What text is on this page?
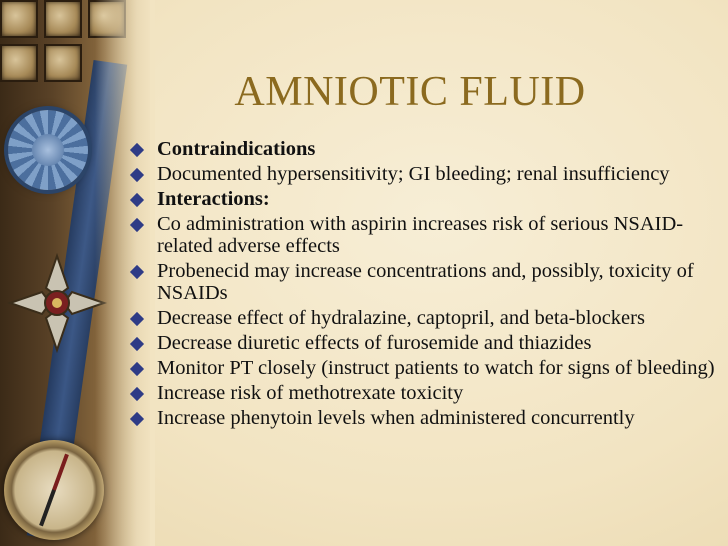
AMNIOTIC FLUID
Contraindications
Documented hypersensitivity; GI bleeding; renal insufficiency
Interactions:
Co administration with aspirin increases risk of serious NSAID-related adverse effects
Probenecid may increase concentrations and, possibly, toxicity of NSAIDs
Decrease effect of hydralazine, captopril, and beta-blockers
Decrease diuretic effects of furosemide and thiazides
Monitor PT closely (instruct patients to watch for signs of bleeding)
Increase risk of methotrexate toxicity
Increase phenytoin levels when administered concurrently
